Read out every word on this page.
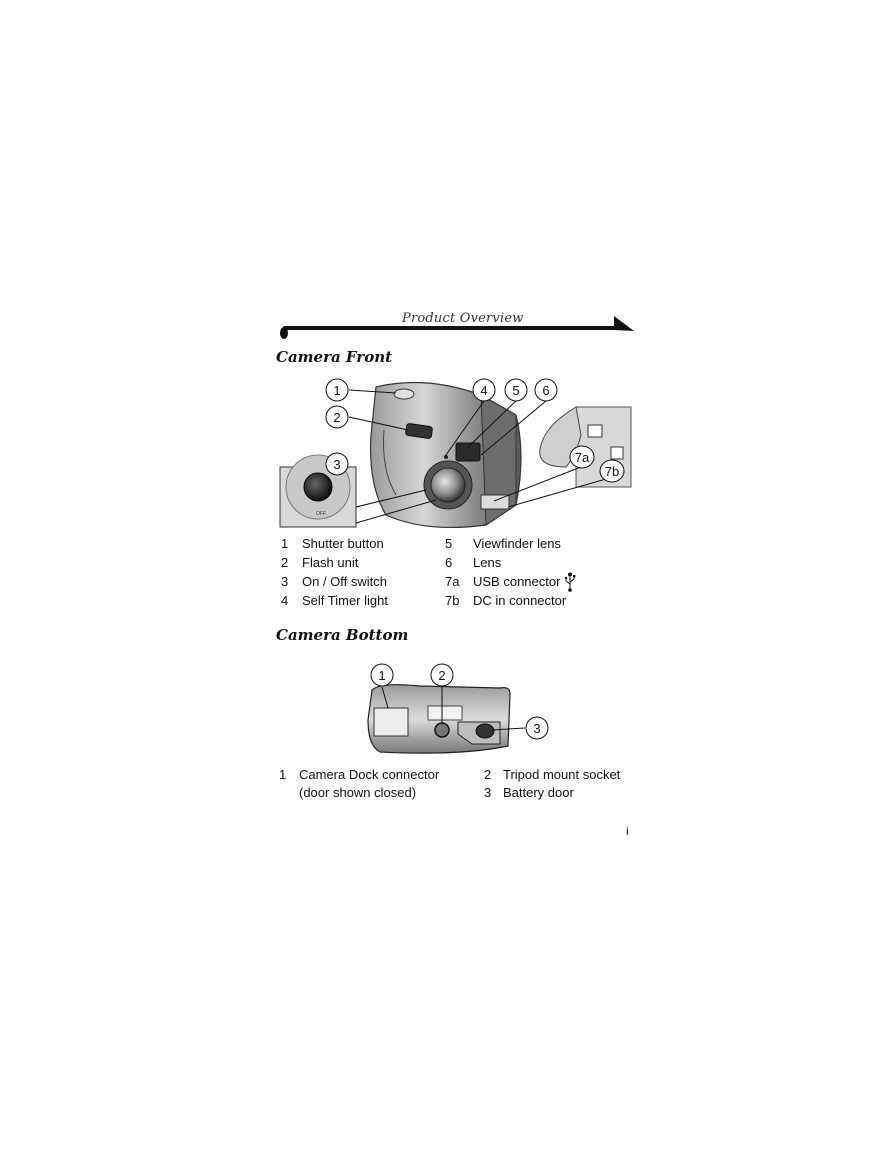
Product Overview
Camera Front
OFF
1
2
3
4 5 6
7a
7b
1 Shutter button
2 Flash unit
3 On / Off switch
4 Self Timer light
5 Viewfinder lens
6 Lens
7a USB connector
7b DC in connector
Camera Bottom
1	2
3
1 Camera Dock connector
(door shown closed)
2 Tripod mount socket
3 Battery door
i
